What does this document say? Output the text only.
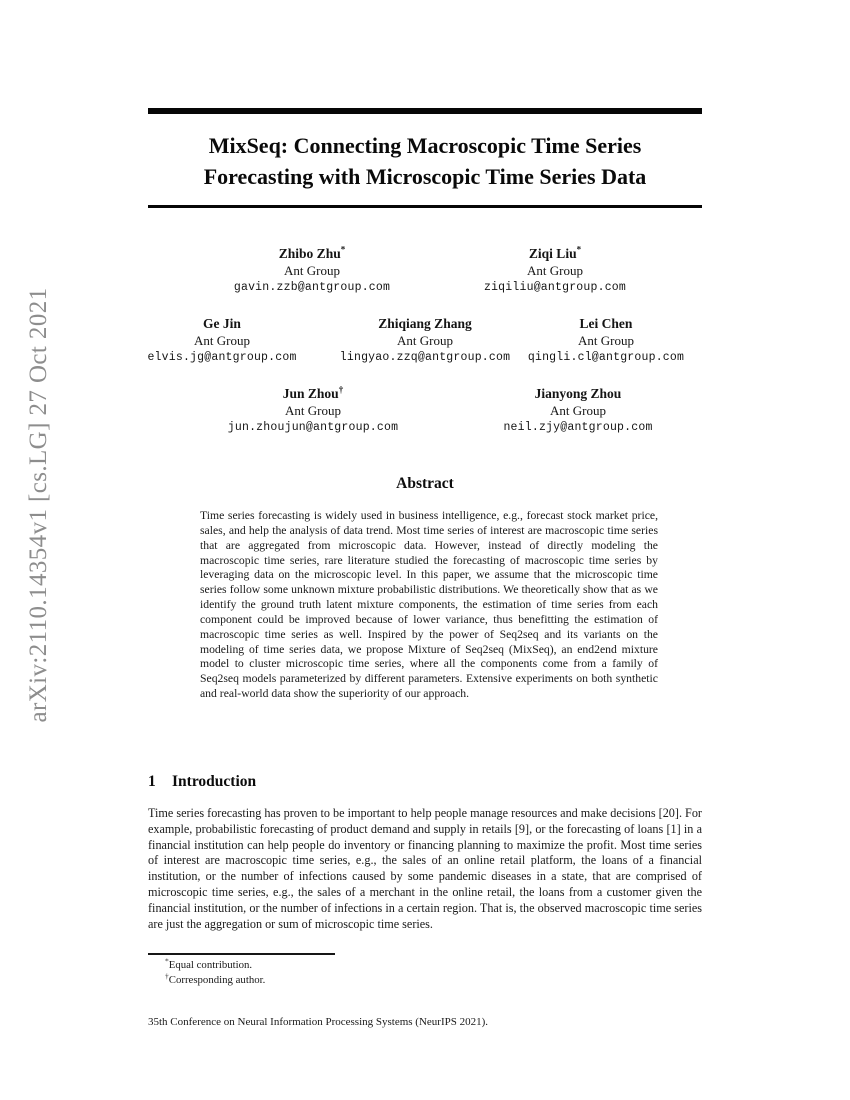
arXiv:2110.14354v1 [cs.LG] 27 Oct 2021
MixSeq: Connecting Macroscopic Time Series
Forecasting with Microscopic Time Series Data
Zhibo Zhu*
Ant Group
gavin.zzb@antgroup.com
Ziqi Liu*
Ant Group
ziqiliu@antgroup.com
Ge Jin
Ant Group
elvis.jg@antgroup.com
Zhiqiang Zhang
Ant Group
lingyao.zzq@antgroup.com
Lei Chen
Ant Group
qingli.cl@antgroup.com
Jun Zhou†
Ant Group
jun.zhoujun@antgroup.com
Jianyong Zhou
Ant Group
neil.zjy@antgroup.com
Abstract
Time series forecasting is widely used in business intelligence, e.g., forecast stock market price, sales, and help the analysis of data trend. Most time series of interest are macroscopic time series that are aggregated from microscopic data. However, instead of directly modeling the macroscopic time series, rare literature studied the forecasting of macroscopic time series by leveraging data on the microscopic level. In this paper, we assume that the microscopic time series follow some unknown mixture probabilistic distributions. We theoretically show that as we identify the ground truth latent mixture components, the estimation of time series from each component could be improved because of lower variance, thus benefitting the estimation of macroscopic time series as well. Inspired by the power of Seq2seq and its variants on the modeling of time series data, we propose Mixture of Seq2seq (MixSeq), an end2end mixture model to cluster microscopic time series, where all the components come from a family of Seq2seq models parameterized by different parameters. Extensive experiments on both synthetic and real-world data show the superiority of our approach.
1 Introduction
Time series forecasting has proven to be important to help people manage resources and make decisions [20]. For example, probabilistic forecasting of product demand and supply in retails [9], or the forecasting of loans [1] in a financial institution can help people do inventory or financing planning to maximize the profit. Most time series of interest are macroscopic time series, e.g., the sales of an online retail platform, the loans of a financial institution, or the number of infections caused by some pandemic diseases in a state, that are comprised of microscopic time series, e.g., the sales of a merchant in the online retail, the loans from a customer given the financial institution, or the number of infections in a certain region. That is, the observed macroscopic time series are just the aggregation or sum of microscopic time series.
*Equal contribution.
†Corresponding author.
35th Conference on Neural Information Processing Systems (NeurIPS 2021).
